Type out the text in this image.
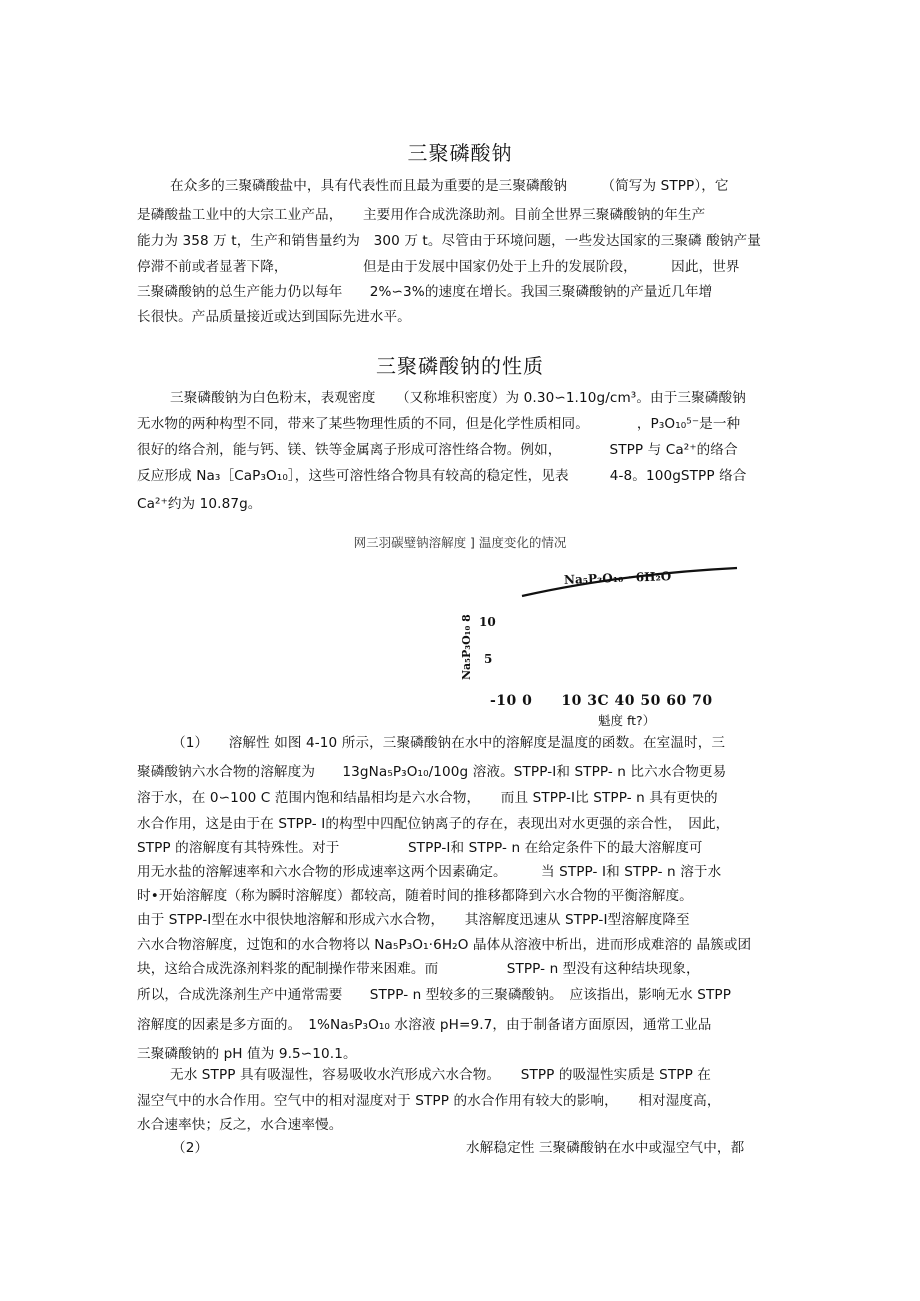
三聚磷酸钠
在众多的三聚磷酸盐中，具有代表性而且最为重要的是三聚磷酸钠　　　（简写为 STPP），它
是磷酸盐工业中的大宗工业产品，　　主要用作合成洗涤助剂。目前全世界三聚磷酸钠的年生产
能力为 358 万 t，生产和销售量约为　300 万 t。尽管由于环境问题，一些发达国家的三聚磷 酸钠产量
停滞不前或者显著下降，　　　　　　但是由于发展中国家仍处于上升的发展阶段，　　　因此，世界
三聚磷酸钠的总生产能力仍以每年　　2%∽3%的速度在增长。我国三聚磷酸钠的产量近几年增
长很快。产品质量接近或达到国际先进水平。
三聚磷酸钠的性质
三聚磷酸钠为白色粉末，表观密度　　（又称堆积密度）为 0.30∽1.10g/cm³。由于三聚磷酸钠
无水物的两种构型不同，带来了某些物理性质的不同，但是化学性质相同。　　　　，P₃O₁₀⁵⁻是一种
很好的络合剂，能与钙、镁、铁等金属离子形成可溶性络合物。例如，　　　　STPP 与 Ca²⁺的络合
反应形成 Na₃［CaP₃O₁₀］，这些可溶性络合物具有较高的稳定性，见表　　　4-8。100gSTPP 络合
Ca²⁺约为 10.87g。
网三羽碳璧钠溶解度 ] 温度变化的情况
Na₅P₃O₁₀ · 6H₂O
Na₅P₃O₁₀ 8 10
5
-10 0　　10 3C 40 50 60 70
魁度 ft?）
（1）　　溶解性 如图 4-10 所示，三聚磷酸钠在水中的溶解度是温度的函数。在室温时，三
聚磷酸钠六水合物的溶解度为　　13gNa₅P₃O₁₀/100g 溶液。STPP-Ⅰ和 STPP- n 比六水合物更易
溶于水，在 0∽100 C 范围内饱和结晶相均是六水合物，　　而且 STPP-Ⅰ比 STPP- n 具有更快的
水合作用，这是由于在 STPP- Ⅰ的构型中四配位钠离子的存在，表现出对水更强的亲合性，　因此，
STPP 的溶解度有其特殊性。对于　　　　　STPP-Ⅰ和 STPP- n 在给定条件下的最大溶解度可
用无水盐的溶解速率和六水合物的形成速率这两个因素确定。　　　当 STPP- Ⅰ和 STPP- n 溶于水
时•开始溶解度（称为瞬时溶解度）都较高，随着时间的推移都降到六水合物的平衡溶解度。
由于 STPP-Ⅰ型在水中很快地溶解和形成六水合物，　　其溶解度迅速从 STPP-Ⅰ型溶解度降至
六水合物溶解度，过饱和的水合物将以 Na₅P₃O₁·6H₂O 晶体从溶液中析出，进而形成难溶的 晶簇或团
块，这给合成洗涤剂料浆的配制操作带来困难。而　　　　　STPP- n 型没有这种结块现象，
所以，合成洗涤剂生产中通常需要　　STPP- n 型较多的三聚磷酸钠。　应该指出，影响无水 STPP
溶解度的因素是多方面的。　1%Na₅P₃O₁₀ 水溶液 pH=9.7，由于制备诸方面原因，通常工业品
三聚磷酸钠的 pH 值为 9.5∽10.1。
无水 STPP 具有吸湿性，容易吸收水汽形成六水合物。　　STPP 的吸湿性实质是 STPP 在
湿空气中的水合作用。空气中的相对湿度对于 STPP 的水合作用有较大的影响，　　相对湿度高，
水合速率快；反之，水合速率慢。
（2）	水解稳定性 三聚磷酸钠在水中或湿空气中，都
